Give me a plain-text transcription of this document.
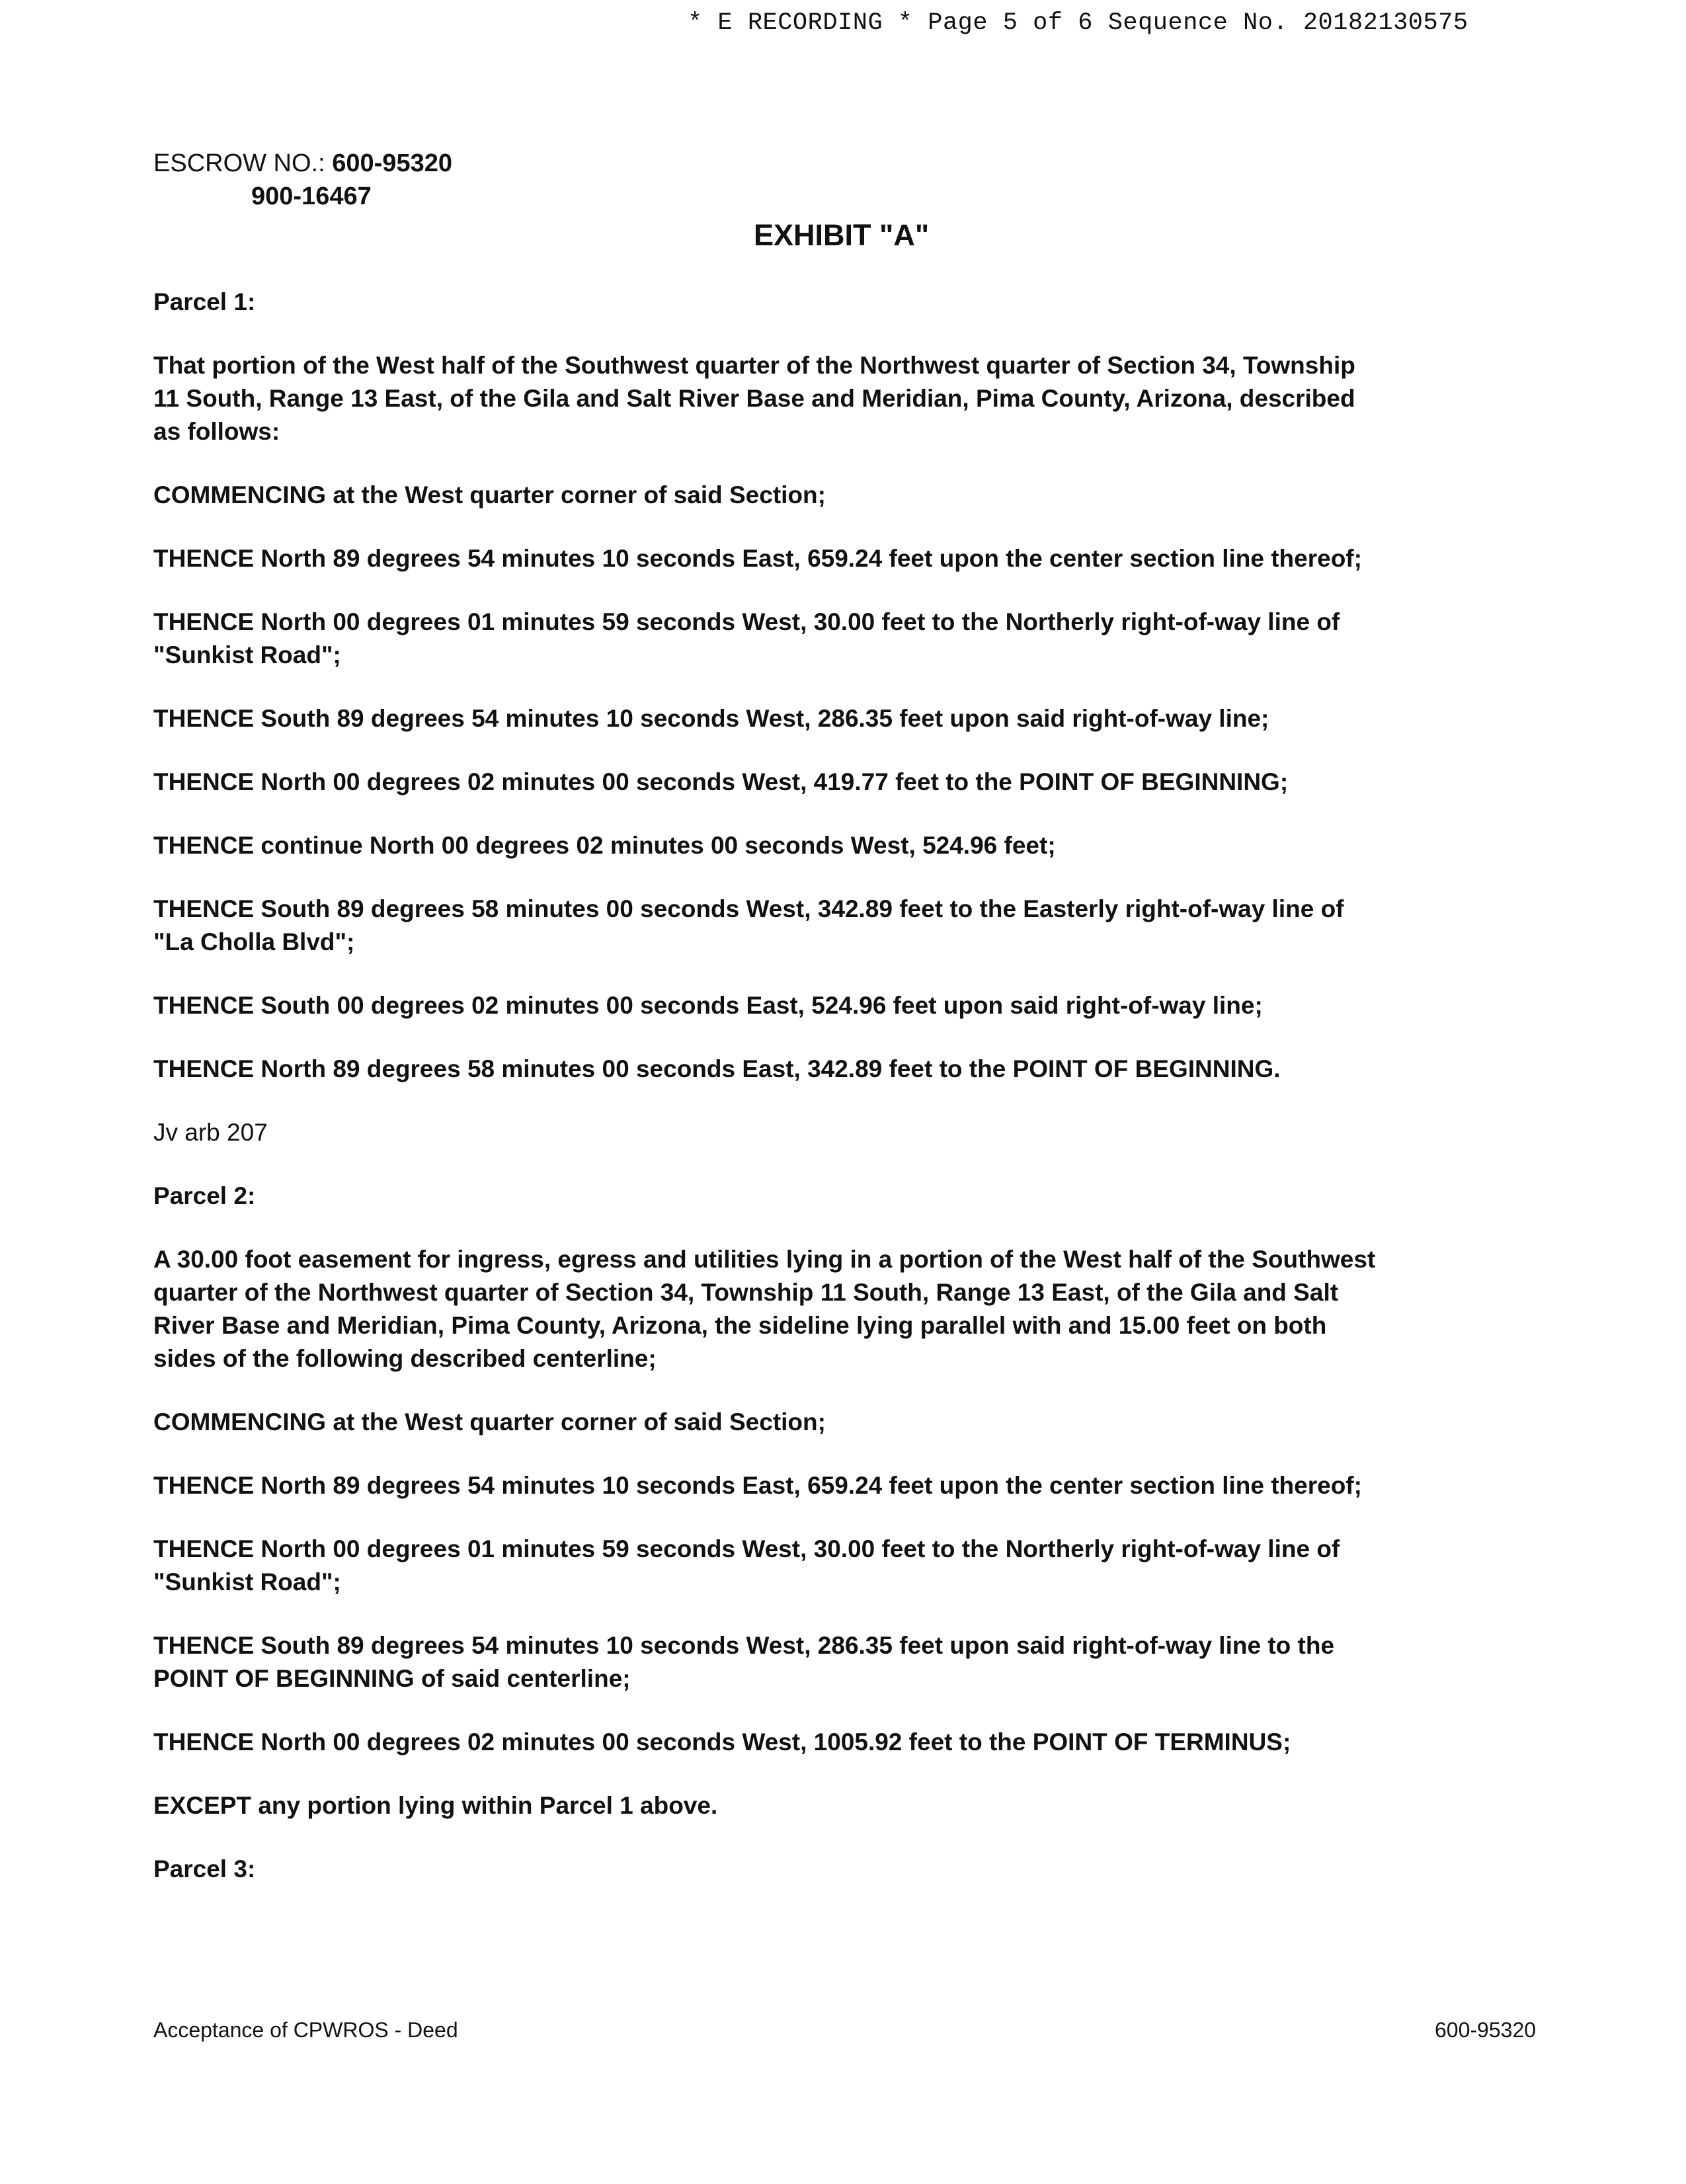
* E RECORDING * Page 5 of 6 Sequence No. 20182130575
ESCROW NO.: 600-95320
900-16467
EXHIBIT "A"

Parcel 1:

That portion of the West half of the Southwest quarter of the Northwest quarter of Section 34, Township
11 South, Range 13 East, of the Gila and Salt River Base and Meridian, Pima County, Arizona, described
as follows:

COMMENCING at the West quarter corner of said Section;

THENCE North 89 degrees 54 minutes 10 seconds East, 659.24 feet upon the center section line thereof;

THENCE North 00 degrees 01 minutes 59 seconds West, 30.00 feet to the Northerly right-of-way line of
"Sunkist Road";

THENCE South 89 degrees 54 minutes 10 seconds West, 286.35 feet upon said right-of-way line;

THENCE North 00 degrees 02 minutes 00 seconds West, 419.77 feet to the POINT OF BEGINNING;

THENCE continue North 00 degrees 02 minutes 00 seconds West, 524.96 feet;

THENCE South 89 degrees 58 minutes 00 seconds West, 342.89 feet to the Easterly right-of-way line of
"La Cholla Blvd";

THENCE South 00 degrees 02 minutes 00 seconds East, 524.96 feet upon said right-of-way line;

THENCE North 89 degrees 58 minutes 00 seconds East, 342.89 feet to the POINT OF BEGINNING.

Jv arb 207

Parcel 2:

A 30.00 foot easement for ingress, egress and utilities lying in a portion of the West half of the Southwest
quarter of the Northwest quarter of Section 34, Township 11 South, Range 13 East, of the Gila and Salt
River Base and Meridian, Pima County, Arizona, the sideline lying parallel with and 15.00 feet on both
sides of the following described centerline;

COMMENCING at the West quarter corner of said Section;

THENCE North 89 degrees 54 minutes 10 seconds East, 659.24 feet upon the center section line thereof;

THENCE North 00 degrees 01 minutes 59 seconds West, 30.00 feet to the Northerly right-of-way line of
"Sunkist Road";

THENCE South 89 degrees 54 minutes 10 seconds West, 286.35 feet upon said right-of-way line to the
POINT OF BEGINNING of said centerline;

THENCE North 00 degrees 02 minutes 00 seconds West, 1005.92 feet to the POINT OF TERMINUS;

EXCEPT any portion lying within Parcel 1 above.

Parcel 3:

Acceptance of CPWROS - Deed	600-95320
